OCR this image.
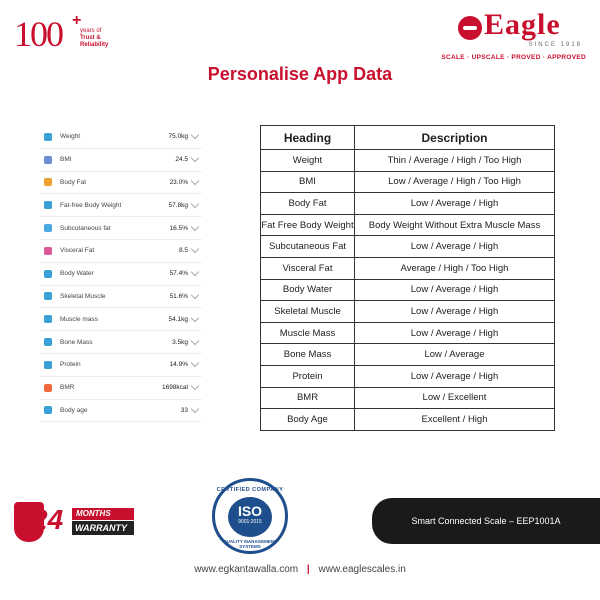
100 +
years of
Trust &
Reliability
Eagle
SINCE 1918
SCALE · UPSCALE · PROVED · APPROVED
Personalise App Data
Weight	75.0kg
BMI	24.5
Body Fat	23.0%
Fat-free Body Weight	57.8kg
Subcutaneous fat	16.5%
Visceral Fat	8.5
Body Water	57.4%
Skeletal Muscle	51.6%
Muscle mass	54.1kg
Bone Mass	3.5kg
Protein	14.9%
BMR	1698kcal
Body age	33
Heading	Description
Weight	Thin / Average / High / Too High
BMI	Low / Average / High / Too High
Body Fat	Low / Average / High
Fat Free Body Weight	Body Weight Without Extra Muscle Mass
Subcutaneous Fat	Low / Average / High
Visceral Fat	Average / High / Too High
Body Water	Low / Average / High
Skeletal Muscle	Low / Average / High
Muscle Mass	Low / Average / High
Bone Mass	Low / Average
Protein	Low / Average / High
BMR	Low / Excellent
Body Age	Excellent / High
24	MONTHS
WARRANTY
CERTIFIED COMPANY
ISO
9001:2015
QUALITY MANAGEMENT SYSTEMS
Smart Connected Scale – EEP1001A
www.egkantawalla.com | www.eaglescales.in
